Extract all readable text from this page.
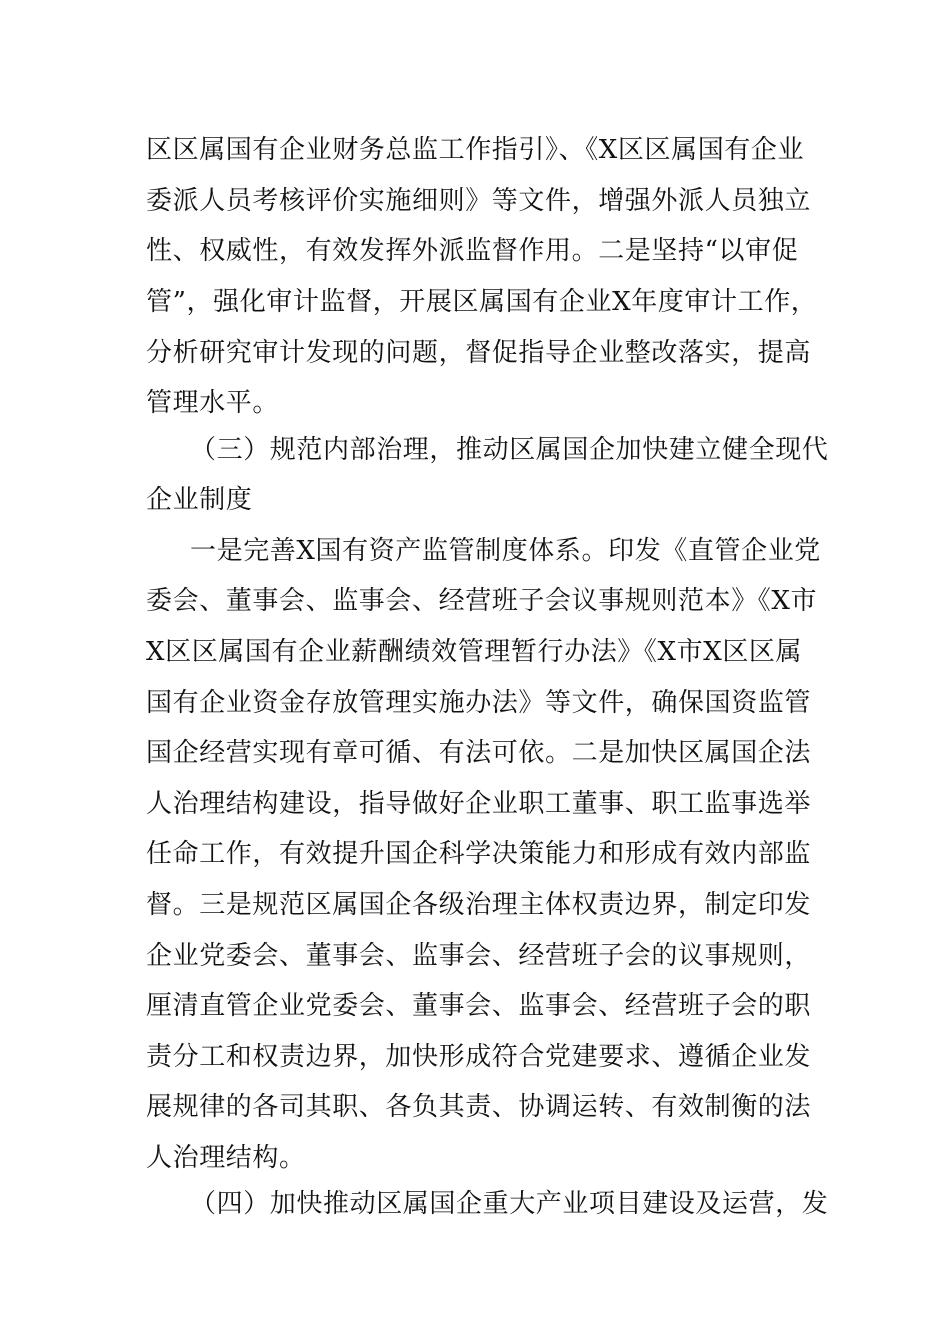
区区属国有企业财务总监工作指引》、《X区区属国有企业
委派人员考核评价实施细则》等文件，增强外派人员独立
性、权威性，有效发挥外派监督作用。二是坚持“以审促
管”，强化审计监督，开展区属国有企业X年度审计工作，
分析研究审计发现的问题，督促指导企业整改落实，提高
管理水平。
（三）规范内部治理，推动区属国企加快建立健全现代
企业制度
一是完善X国有资产监管制度体系。印发《直管企业党
委会、董事会、监事会、经营班子会议事规则范本》《X市
X区区属国有企业薪酬绩效管理暂行办法》《X市X区区属
国有企业资金存放管理实施办法》等文件，确保国资监管
国企经营实现有章可循、有法可依。二是加快区属国企法
人治理结构建设，指导做好企业职工董事、职工监事选举
任命工作，有效提升国企科学决策能力和形成有效内部监
督。三是规范区属国企各级治理主体权责边界，制定印发
企业党委会、董事会、监事会、经营班子会的议事规则，
厘清直管企业党委会、董事会、监事会、经营班子会的职
责分工和权责边界，加快形成符合党建要求、遵循企业发
展规律的各司其职、各负其责、协调运转、有效制衡的法
人治理结构。
（四）加快推动区属国企重大产业项目建设及运营，发
